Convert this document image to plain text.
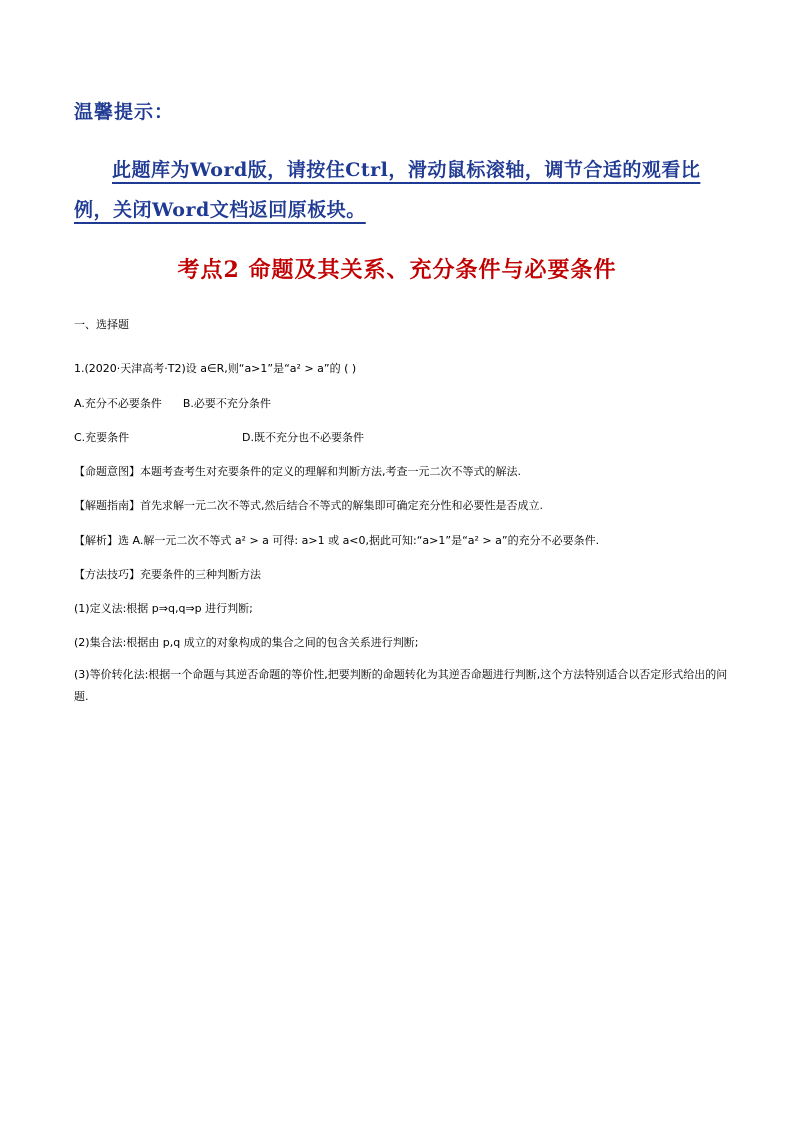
温馨提示：
此题库为Word版，请按住Ctrl，滑动鼠标滚轴，调节合适的观看比例，关闭Word文档返回原板块。
考点2 命题及其关系、充分条件与必要条件
一、选择题
1.(2020·天津高考·T2)设 a∈R,则“a>1”是“a² > a”的 ( )
A.充分不必要条件 B.必要不充分条件
C.充要条件	D.既不充分也不必要条件
【命题意图】本题考查考生对充要条件的定义的理解和判断方法,考查一元二次不等式的解法.
【解题指南】首先求解一元二次不等式,然后结合不等式的解集即可确定充分性和必要性是否成立.
【解析】选 A.解一元二次不等式 a² > a 可得: a>1 或 a<0,据此可知:“a>1”是“a² > a”的充分不必要条件.
【方法技巧】充要条件的三种判断方法
(1)定义法:根据 p⇒q,q⇒p 进行判断;
(2)集合法:根据由 p,q 成立的对象构成的集合之间的包含关系进行判断;
(3)等价转化法:根据一个命题与其逆否命题的等价性,把要判断的命题转化为其逆否命题进行判断,这个方法特别适合以否定形式给出的问题.
